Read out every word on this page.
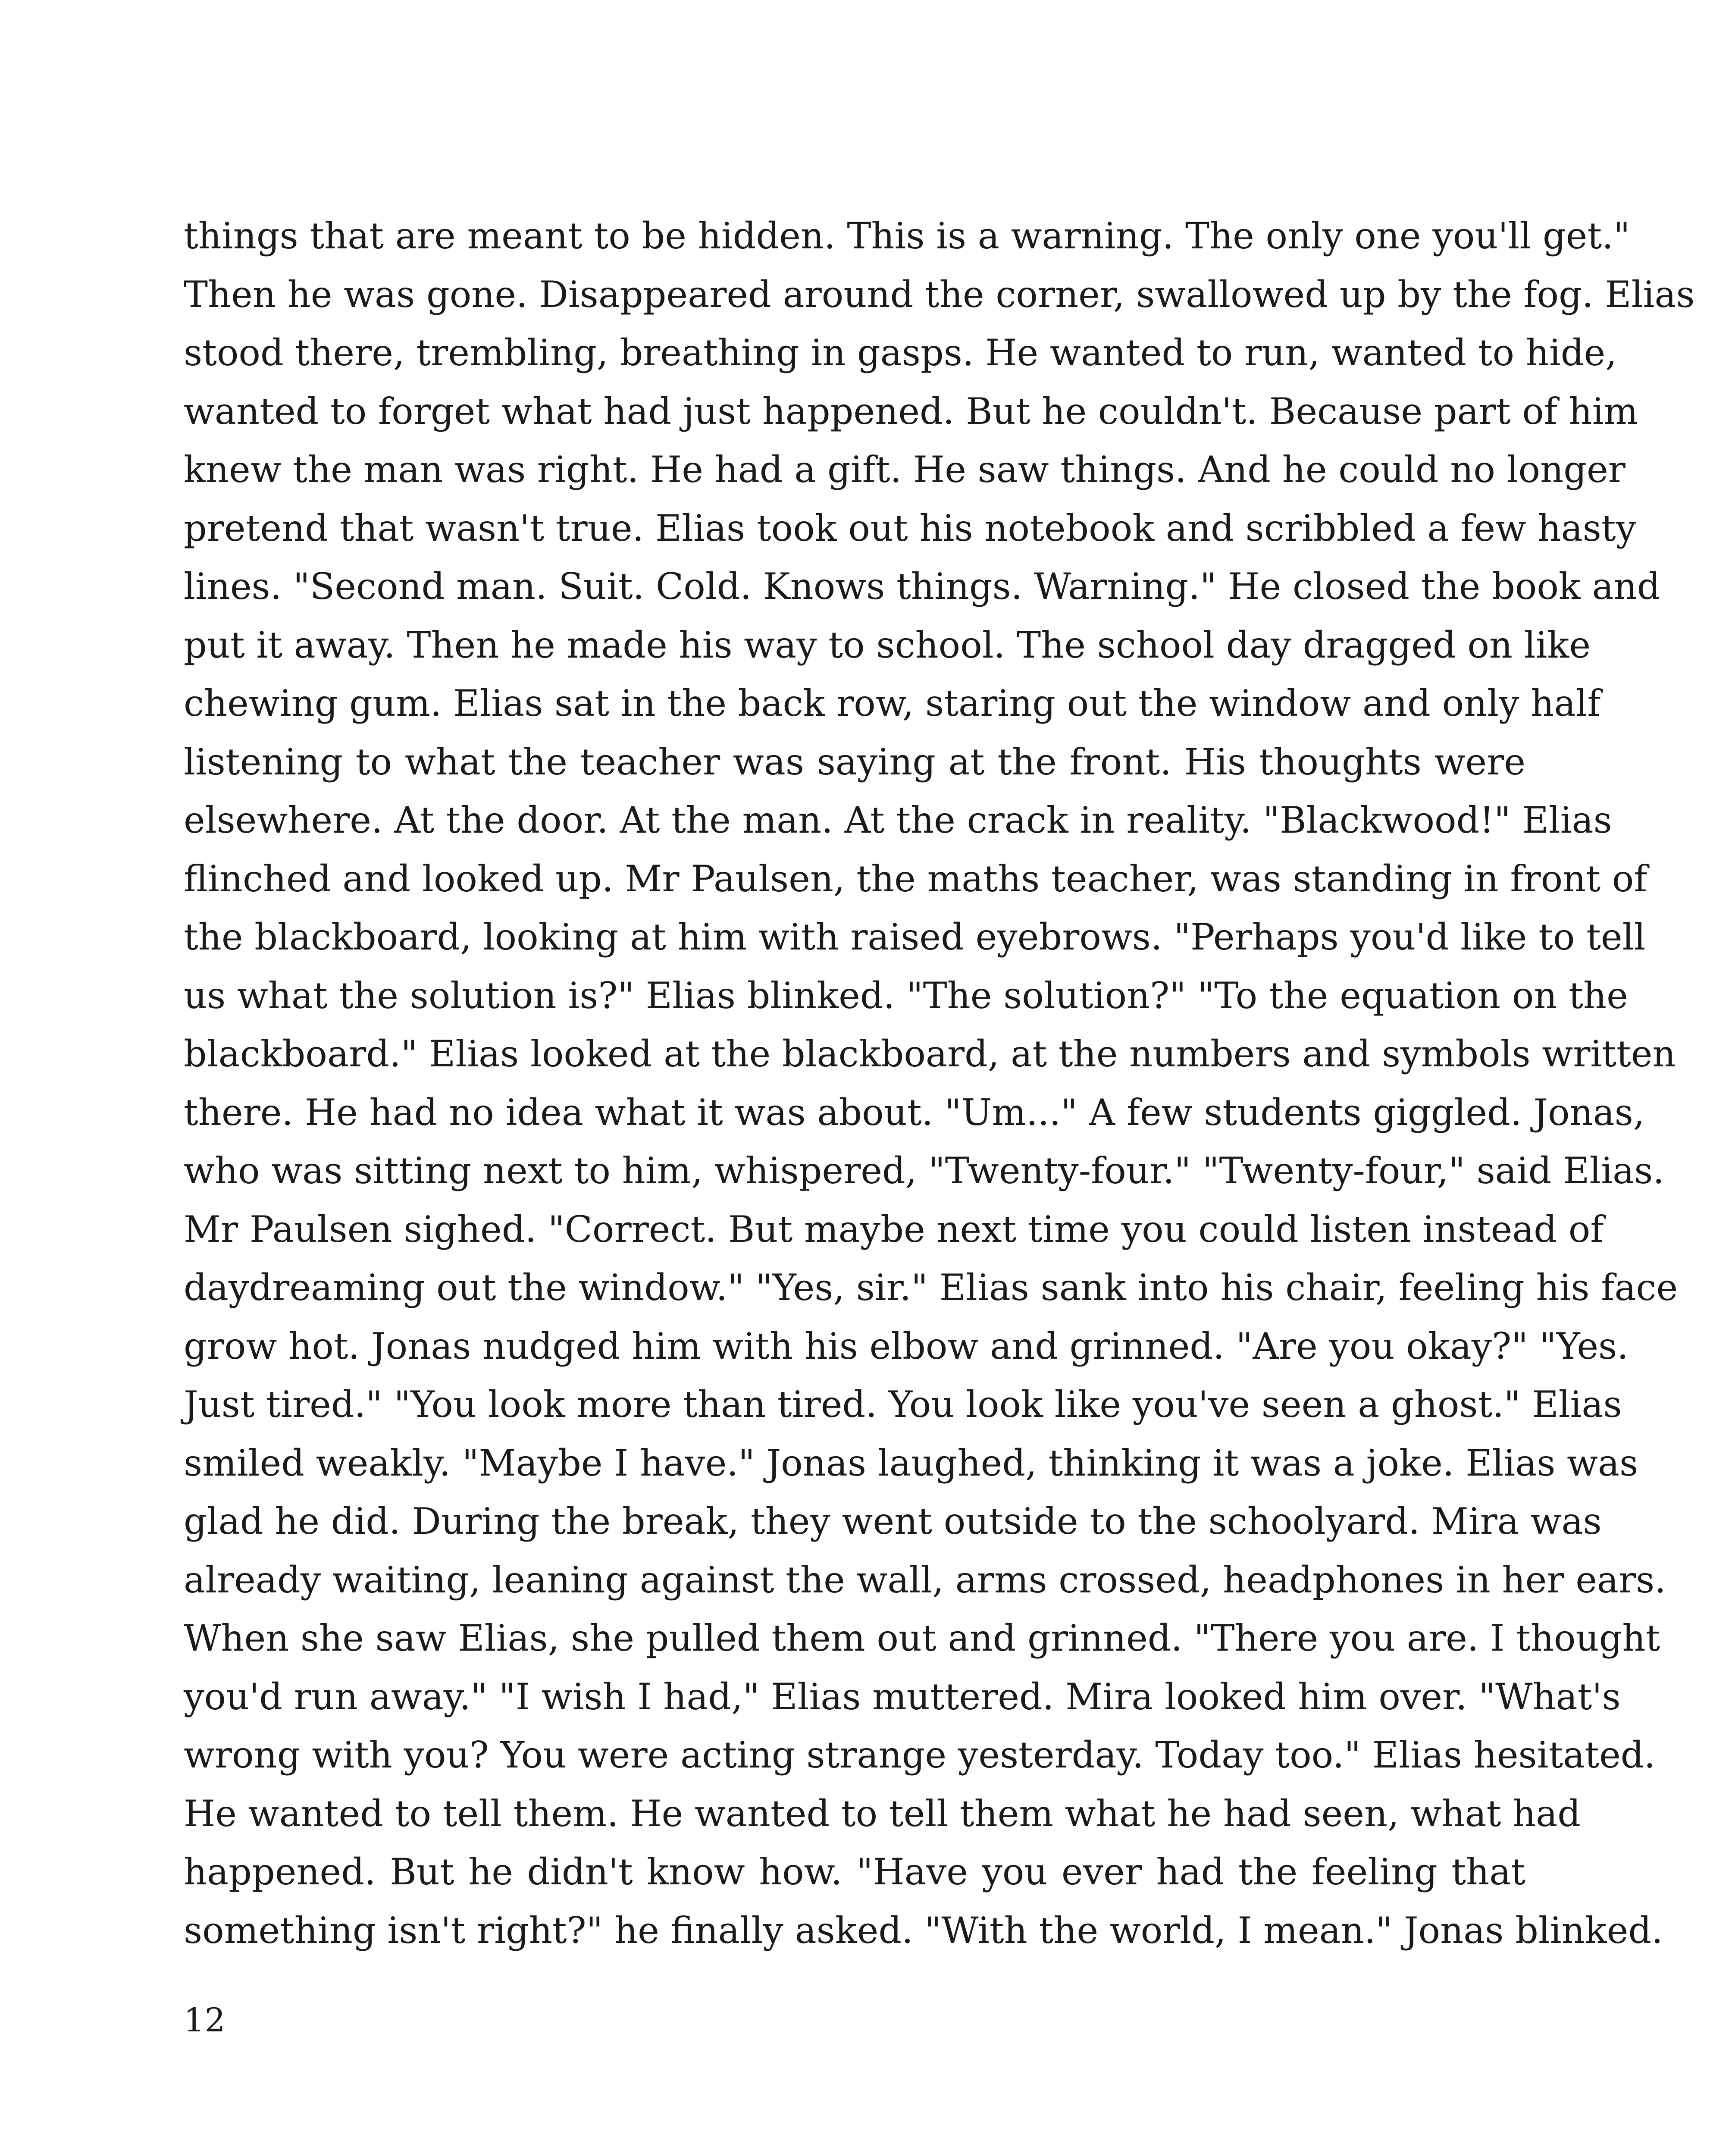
things that are meant to be hidden. This is a warning. The only one you'll get."
Then he was gone. Disappeared around the corner, swallowed up by the fog. Elias
stood there, trembling, breathing in gasps. He wanted to run, wanted to hide,
wanted to forget what had just happened. But he couldn't. Because part of him
knew the man was right. He had a gift. He saw things. And he could no longer
pretend that wasn't true. Elias took out his notebook and scribbled a few hasty
lines. "Second man. Suit. Cold. Knows things. Warning." He closed the book and
put it away. Then he made his way to school. The school day dragged on like
chewing gum. Elias sat in the back row, staring out the window and only half
listening to what the teacher was saying at the front. His thoughts were
elsewhere. At the door. At the man. At the crack in reality. "Blackwood!" Elias
flinched and looked up. Mr Paulsen, the maths teacher, was standing in front of
the blackboard, looking at him with raised eyebrows. "Perhaps you'd like to tell
us what the solution is?" Elias blinked. "The solution?" "To the equation on the
blackboard." Elias looked at the blackboard, at the numbers and symbols written
there. He had no idea what it was about. "Um..." A few students giggled. Jonas,
who was sitting next to him, whispered, "Twenty-four." "Twenty-four," said Elias.
Mr Paulsen sighed. "Correct. But maybe next time you could listen instead of
daydreaming out the window." "Yes, sir." Elias sank into his chair, feeling his face
grow hot. Jonas nudged him with his elbow and grinned. "Are you okay?" "Yes.
Just tired." "You look more than tired. You look like you've seen a ghost." Elias
smiled weakly. "Maybe I have." Jonas laughed, thinking it was a joke. Elias was
glad he did. During the break, they went outside to the schoolyard. Mira was
already waiting, leaning against the wall, arms crossed, headphones in her ears.
When she saw Elias, she pulled them out and grinned. "There you are. I thought
you'd run away." "I wish I had," Elias muttered. Mira looked him over. "What's
wrong with you? You were acting strange yesterday. Today too." Elias hesitated.
He wanted to tell them. He wanted to tell them what he had seen, what had
happened. But he didn't know how. "Have you ever had the feeling that
something isn't right?" he finally asked. "With the world, I mean." Jonas blinked.
12
